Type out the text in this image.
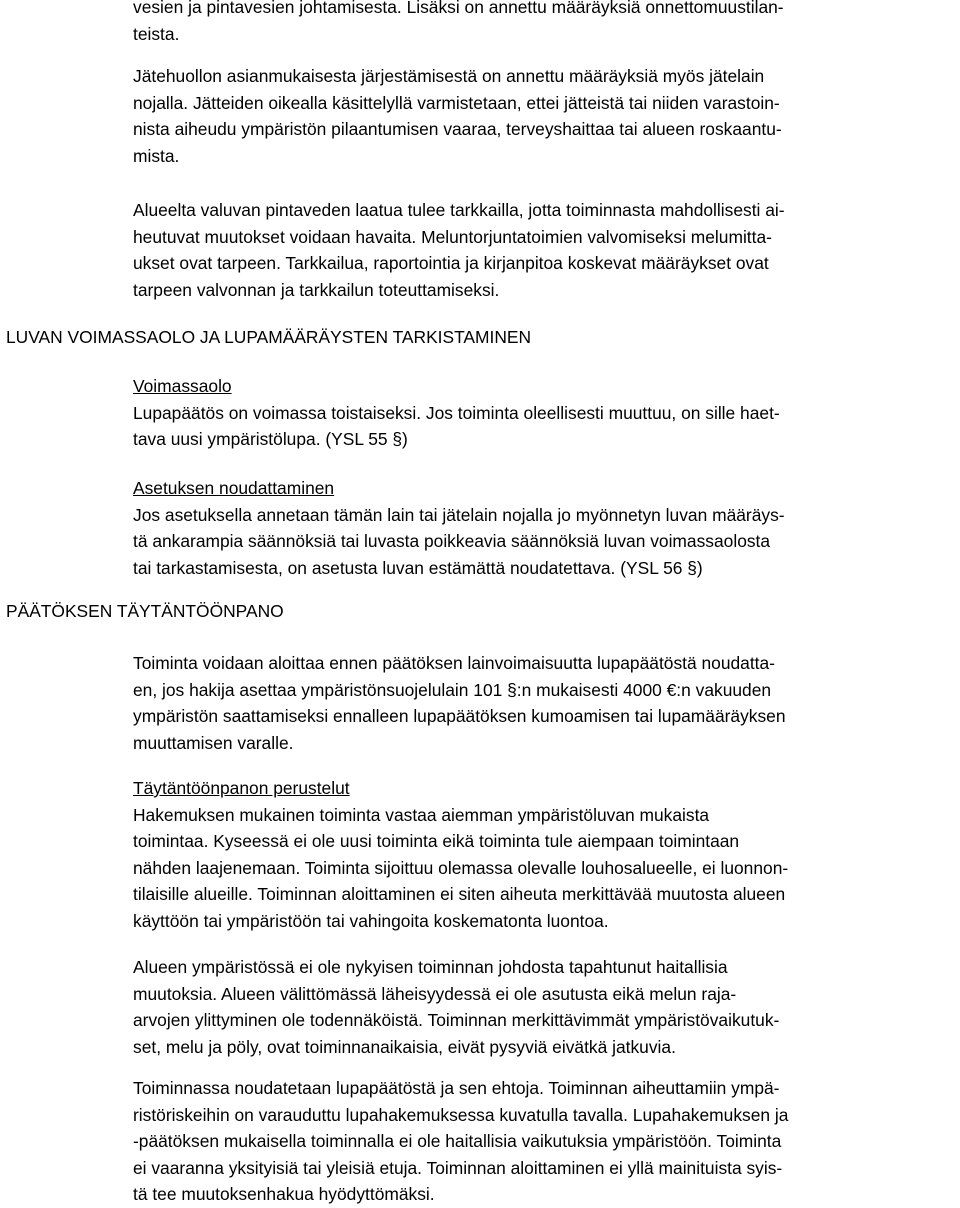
vesien ja pintavesien johtamisesta. Lisäksi on annettu määräyksiä onnettomuustilan-
teista.

Jätehuollon asianmukaisesta järjestämisestä on annettu määräyksiä myös jätelain
nojalla. Jätteiden oikealla käsittelyllä varmistetaan, ettei jätteistä tai niiden varastoin-
nista aiheudu ympäristön pilaantumisen vaaraa, terveyshaittaa tai alueen roskaantu-
mista.

Alueelta valuvan pintaveden laatua tulee tarkkailla, jotta toiminnasta mahdollisesti ai-
heutuvat muutokset voidaan havaita. Meluntorjuntatoimien valvomiseksi melumitta-
ukset ovat tarpeen. Tarkkailua, raportointia ja kirjanpitoa koskevat määräykset ovat
tarpeen valvonnan ja tarkkailun toteuttamiseksi.

LUVAN VOIMASSAOLO JA LUPAMÄÄRÄYSTEN TARKISTAMINEN

Voimassaolo
Lupapäätös on voimassa toistaiseksi. Jos toiminta oleellisesti muuttuu, on sille haet-
tava uusi ympäristölupa. (YSL 55 §)

Asetuksen noudattaminen
Jos asetuksella annetaan tämän lain tai jätelain nojalla jo myönnetyn luvan määräys-
tä ankarampia säännöksiä tai luvasta poikkeavia säännöksiä luvan voimassaolosta
tai tarkastamisesta, on asetusta luvan estämättä noudatettava. (YSL 56 §)

PÄÄTÖKSEN TÄYTÄNTÖÖNPANO

Toiminta voidaan aloittaa ennen päätöksen lainvoimaisuutta lupapäätöstä noudatta-
en, jos hakija asettaa ympäristönsuojelulain 101 §:n mukaisesti 4000 €:n vakuuden
ympäristön saattamiseksi ennalleen lupapäätöksen kumoamisen tai lupamääräyksen
muuttamisen varalle.

Täytäntöönpanon perustelut
Hakemuksen mukainen toiminta vastaa aiemman ympäristöluvan mukaista
toimintaa. Kyseessä ei ole uusi toiminta eikä toiminta tule aiempaan toimintaan
nähden laajenemaan. Toiminta sijoittuu olemassa olevalle louhosalueelle, ei luonnon-
tilaisille alueille. Toiminnan aloittaminen ei siten aiheuta merkittävää muutosta alueen
käyttöön tai ympäristöön tai vahingoita koskematonta luontoa.

Alueen ympäristössä ei ole nykyisen toiminnan johdosta tapahtunut haitallisia
muutoksia. Alueen välittömässä läheisyydessä ei ole asutusta eikä melun raja-
arvojen ylittyminen ole todennäköistä. Toiminnan merkittävimmät ympäristövaikutuk-
set, melu ja pöly, ovat toiminnanaikaisia, eivät pysyviä eivätkä jatkuvia.

Toiminnassa noudatetaan lupapäätöstä ja sen ehtoja. Toiminnan aiheuttamiin ympä-
ristöriskeihin on varauduttu lupahakemuksessa kuvatulla tavalla. Lupahakemuksen ja
-päätöksen mukaisella toiminnalla ei ole haitallisia vaikutuksia ympäristöön. Toiminta
ei vaaranna yksityisiä tai yleisiä etuja. Toiminnan aloittaminen ei yllä mainituista syis-
tä tee muutoksenhakua hyödyttömäksi.
